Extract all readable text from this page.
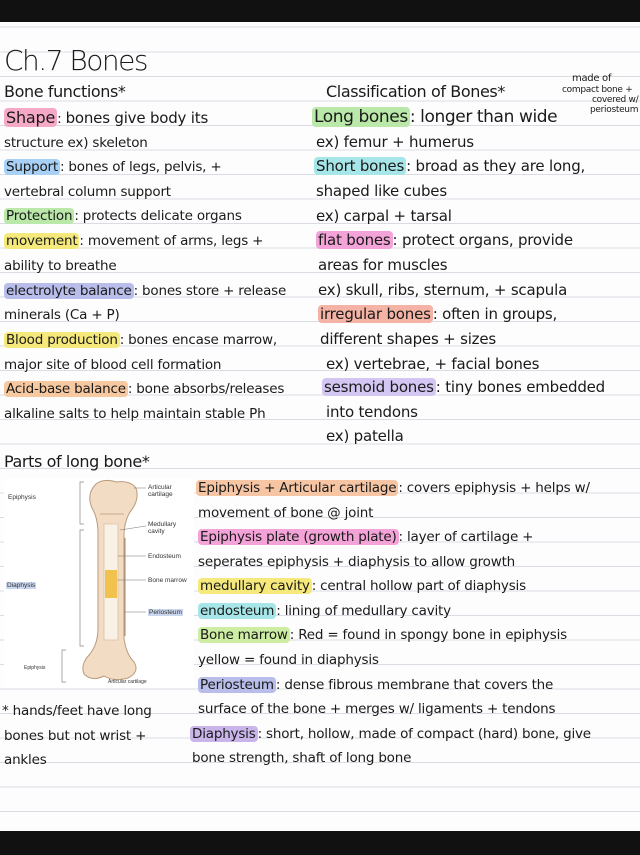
Ch.7 Bones
Bone functions*
Shape : bones give body its
structure ex) skeleton
Support : bones of legs, pelvis, +
vertebral column support
Protection : protects delicate organs
movement : movement of arms, legs +
ability to breathe
electrolyte balance : bones store + release
minerals (Ca + P)
Blood production : bones encase marrow,
major site of blood cell formation
Acid-base balance : bone absorbs/releases
alkaline salts to help maintain stable Ph
Classification of Bones*
made of
compact bone +
covered w/
periosteum
Long bones : longer than wide
ex) femur + humerus
Short bones : broad as they are long,
shaped like cubes
ex) carpal + tarsal
flat bones : protect organs, provide
areas for muscles
ex) skull, ribs, sternum, + scapula
irregular bones : often in groups,
different shapes + sizes
ex) vertebrae, + facial bones
sesmoid bones : tiny bones embedded
into tendons
ex) patella
Parts of long bone*
Epiphysis + Articular cartilage : covers epiphysis + helps w/
movement of bone @ joint
Epiphysis plate (growth plate) : layer of cartilage +
seperates epiphysis + diaphysis to allow growth
medullary cavity : central hollow part of diaphysis
endosteum : lining of medullary cavity
Bone marrow : Red = found in spongy bone in epiphysis
yellow = found in diaphysis
Periosteum : dense fibrous membrane that covers the
surface of the bone + merges w/ ligaments + tendons
Diaphysis : short, hollow, made of compact (hard) bone, give
bone strength, shaft of long bone
* hands/feet have long
bones but not wrist +
ankles
Epiphysis
Diaphysis
Articular
cartilage
Medullary
cavity
Endosteum
Bone marrow
Periosteum
Epiphysis
Articular cartilage
